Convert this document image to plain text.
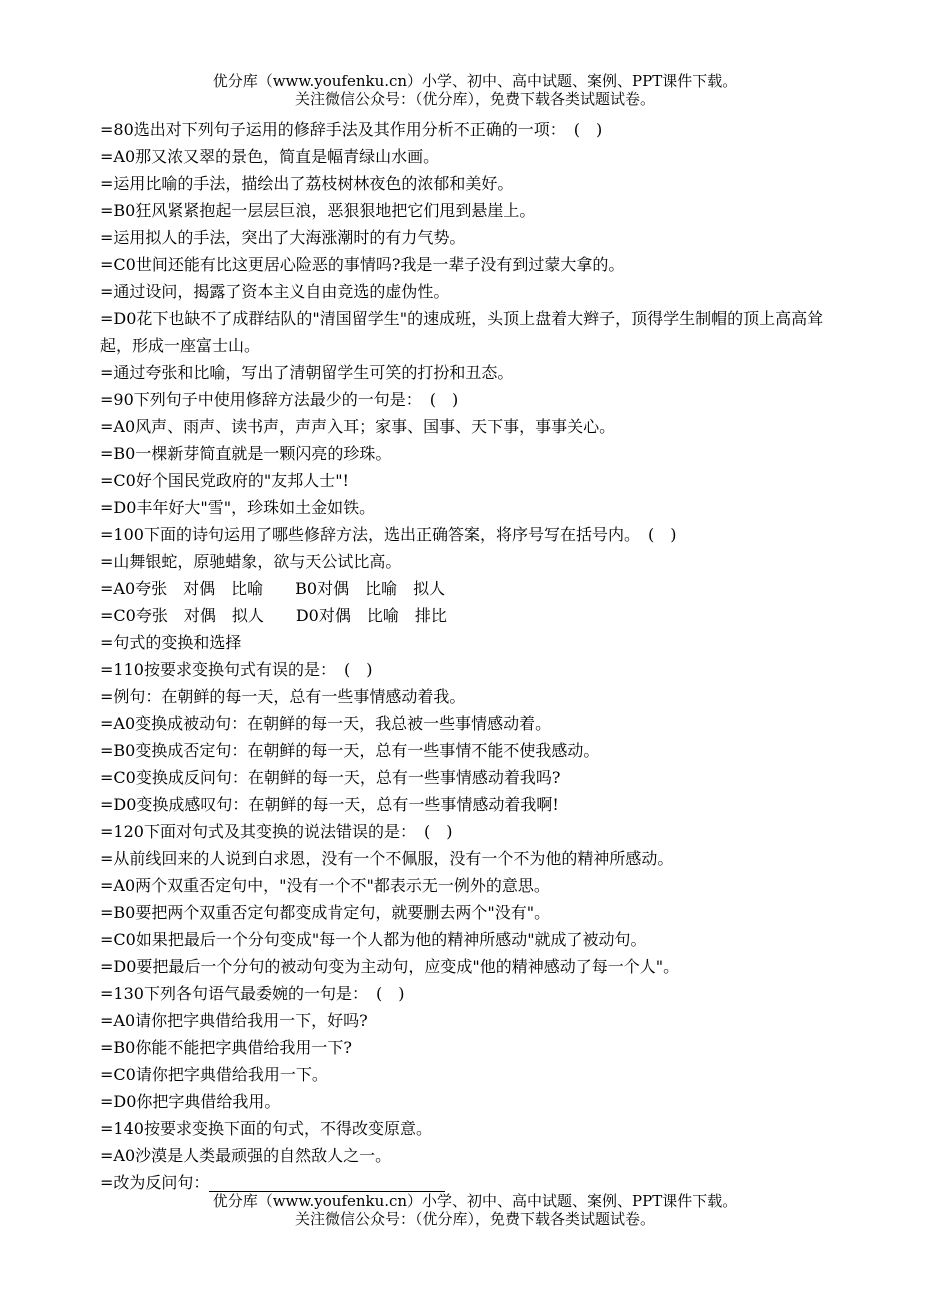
优分库（www.youfenku.cn）小学、初中、高中试题、案例、PPT课件下载。
关注微信公众号：（优分库），免费下载各类试题试卷。
=80选出对下列句子运用的修辞手法及其作用分析不正确的一项：　(　)
=A0那又浓又翠的景色，简直是幅青绿山水画。
=运用比喻的手法，描绘出了荔枝树林夜色的浓郁和美好。
=B0狂风紧紧抱起一层层巨浪，恶狠狠地把它们甩到悬崖上。
=运用拟人的手法，突出了大海涨潮时的有力气势。
=C0世间还能有比这更居心险恶的事情吗?我是一辈子没有到过蒙大拿的。
=通过设问，揭露了资本主义自由竞选的虚伪性。
=D0花下也缺不了成群结队的"清国留学生"的速成班，头顶上盘着大辫子，顶得学生制帽的顶上高高耸起，形成一座富士山。
=通过夸张和比喻，写出了清朝留学生可笑的打扮和丑态。
=90下列句子中使用修辞方法最少的一句是：　(　)
=A0风声、雨声、读书声，声声入耳；家事、国事、天下事，事事关心。
=B0一棵新芽简直就是一颗闪亮的珍珠。
=C0好个国民党政府的"友邦人士"!
=D0丰年好大"雪"，珍珠如土金如铁。
=100下面的诗句运用了哪些修辞方法，选出正确答案，将序号写在括号内。　(　)
=山舞银蛇，原驰蜡象，欲与天公试比高。
=A0夸张　对偶　比喻　　B0对偶　比喻　拟人
=C0夸张　对偶　拟人　　D0对偶　比喻　排比
=句式的变换和选择
=110按要求变换句式有误的是：　(　)
=例句：在朝鲜的每一天，总有一些事情感动着我。
=A0变换成被动句：在朝鲜的每一天，我总被一些事情感动着。
=B0变换成否定句：在朝鲜的每一天，总有一些事情不能不使我感动。
=C0变换成反问句：在朝鲜的每一天，总有一些事情感动着我吗?
=D0变换成感叹句：在朝鲜的每一天，总有一些事情感动着我啊!
=120下面对句式及其变换的说法错误的是：　(　)
=从前线回来的人说到白求恩，没有一个不佩服，没有一个不为他的精神所感动。
=A0两个双重否定句中，"没有一个不"都表示无一例外的意思。
=B0要把两个双重否定句都变成肯定句，就要删去两个"没有"。
=C0如果把最后一个分句变成"每一个人都为他的精神所感动"就成了被动句。
=D0要把最后一个分句的被动句变为主动句，应变成"他的精神感动了每一个人"。
=130下列各句语气最委婉的一句是：　(　)
=A0请你把字典借给我用一下，好吗?
=B0你能不能把字典借给我用一下?
=C0请你把字典借给我用一下。
=D0你把字典借给我用。
=140按要求变换下面的句式，不得改变原意。
=A0沙漠是人类最顽强的自然敌人之一。
=改为反问句：
优分库（www.youfenku.cn）小学、初中、高中试题、案例、PPT课件下载。
关注微信公众号：（优分库），免费下载各类试题试卷。
